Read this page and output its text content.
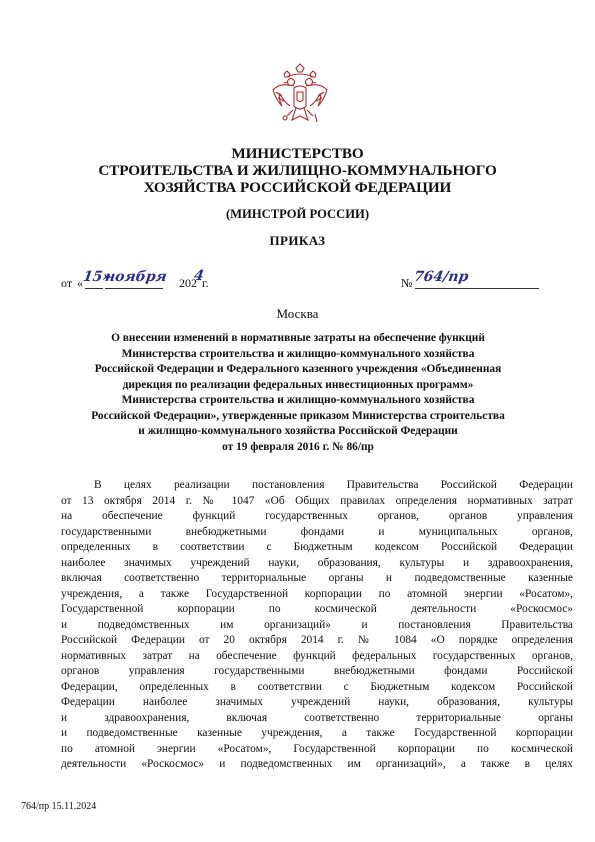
МИНИСТЕРСТВО
СТРОИТЕЛЬСТВА И ЖИЛИЩНО-КОММУНАЛЬНОГО
ХОЗЯЙСТВА РОССИЙСКОЙ ФЕДЕРАЦИИ
(МИНСТРОЙ РОССИИ)
ПРИКАЗ
от «
15»
ноября 202
4
г.	№ 764/пр
Москва
О внесении изменений в нормативные затраты на обеспечение функций
Министерства строительства и жилищно-коммунального хозяйства
Российской Федерации и Федерального казенного учреждения «Объединенная
дирекция по реализации федеральных инвестиционных программ»
Министерства строительства и жилищно-коммунального хозяйства
Российской Федерации», утвержденные приказом Министерства строительства
и жилищно-коммунального хозяйства Российской Федерации
от 19 февраля 2016 г. № 86/пр
В целях реализации постановления Правительства Российской Федерации
от 13 октября 2014 г. № 1047 «Об Общих правилах определения нормативных затрат
на обеспечение функций государственных органов, органов управления
государственными внебюджетными фондами и муниципальных органов,
определенных в соответствии с Бюджетным кодексом Российской Федерации
наиболее значимых учреждений науки, образования, культуры и здравоохранения,
включая соответственно территориальные органы и подведомственные казенные
учреждения, а также Государственной корпорации по атомной энергии «Росатом»,
Государственной корпорации по космической деятельности «Роскосмос»
и подведомственных им организаций» и постановления Правительства
Российской Федерации от 20 октября 2014 г. № 1084 «О порядке определения
нормативных затрат на обеспечение функций федеральных государственных органов,
органов управления государственными внебюджетными фондами Российской
Федерации, определенных в соответствии с Бюджетным кодексом Российской
Федерации наиболее значимых учреждений науки, образования, культуры
и здравоохранения, включая соответственно территориальные органы
и подведомственные казенные учреждения, а также Государственной корпорации
по атомной энергии «Росатом», Государственной корпорации по космической
деятельности «Роскосмос» и подведомственных им организаций», а также в целях
764/пр 15.11.2024
